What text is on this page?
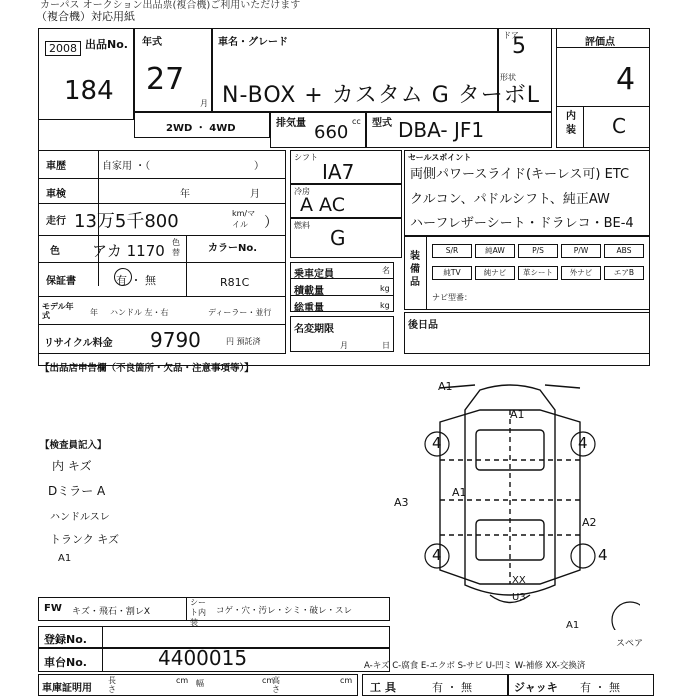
カーパス オークション出品票(複合機)ご利用いただけます
（複合機）対応用紙
出品No.
2008
184
年式
27
月
車名・グレード
N-BOX + カスタム G ターボL
ドア
5
形状
評価点
4
内装 C
2WD ・ 4WD	排気量 660
cc 型式 DBA- JF1
車歴	自家用 ・（	）
車検	年	月
走行 13万5千800	km/マイル	）
色 アカ 1170 色替	カラーNo.
R81C
保証書	有 ・ 無
モデル年式	年 ハンドル 左・右	ディーラー・並行
リサイクル料金 9790	円 預託済
シフト
IA7
冷房
A AC
燃料
G
乗車定員	名
積載量	kg
総重量	kg
名変期限
月	日
セールスポイント
両側パワースライド(キーレス可) ETC
クルコン、パドルシフト、純正AW
ハーフレザーシート・ドラレコ・BE-4
装備品
S/R	純AW	P/S	P/W	ABS
純TV	純ナビ	革シート	外ナビ	エアB
ナビ型番：
後日品
【出品店申告欄（不良箇所・欠品・注意事項等）】
【検査員記入】
内 キズ
Dミラー A
ハンドルスレ
トランク キズ
A1
A1
A1
A3
A1
A2
4	4
4	4
XX
U3
A1
スペア
FW キズ・飛石・割レX
シート内装
コゲ・穴・汚レ・シミ・破レ・スレ
登録No.
車台No.	4400015
車庫証明用
長さ
cm 幅	cm
高さ
cm
A-キズ C-腐食 E-エクボ S-サビ U-凹ミ W-補修 XX-交換済
工具	有 ・ 無	ジャッキ 有 ・ 無
